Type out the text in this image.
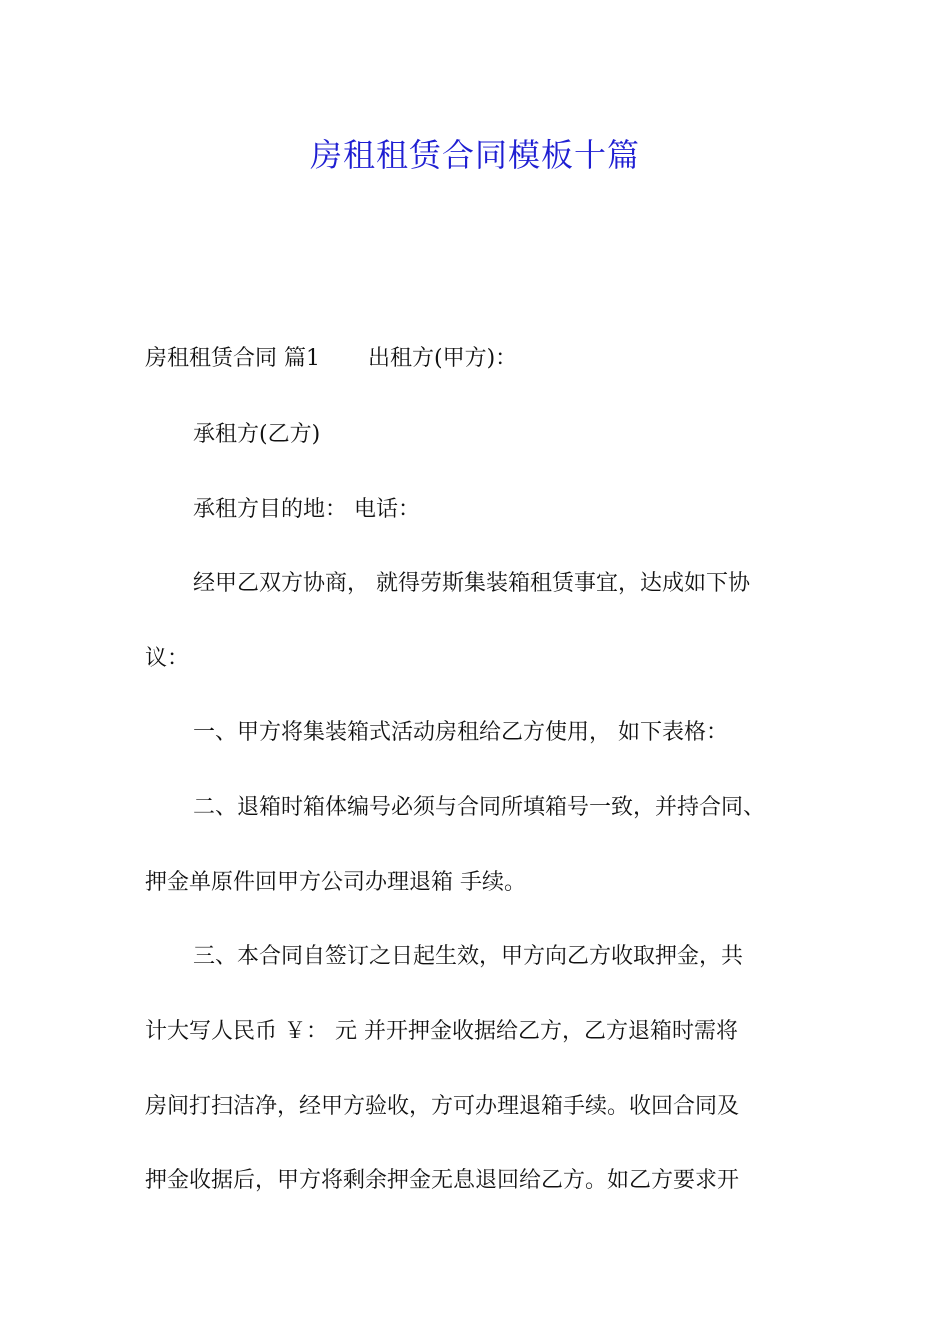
房租租赁合同模板十篇
房租租赁合同 篇1 出租方(甲方)：
承租方(乙方)
承租方目的地： 电话：
经甲乙双方协商， 就得劳斯集装箱租赁事宜，达成如下协
议：
一、甲方将集装箱式活动房租给乙方使用， 如下表格：
二、退箱时箱体编号必须与合同所填箱号一致，并持合同、
押金单原件回甲方公司办理退箱 手续。
三、本合同自签订之日起生效，甲方向乙方收取押金，共
计大写人民币 ￥： 元 并开押金收据给乙方，乙方退箱时需将
房间打扫洁净，经甲方验收，方可办理退箱手续。收回合同及
押金收据后，甲方将剩余押金无息退回给乙方。如乙方要求开
